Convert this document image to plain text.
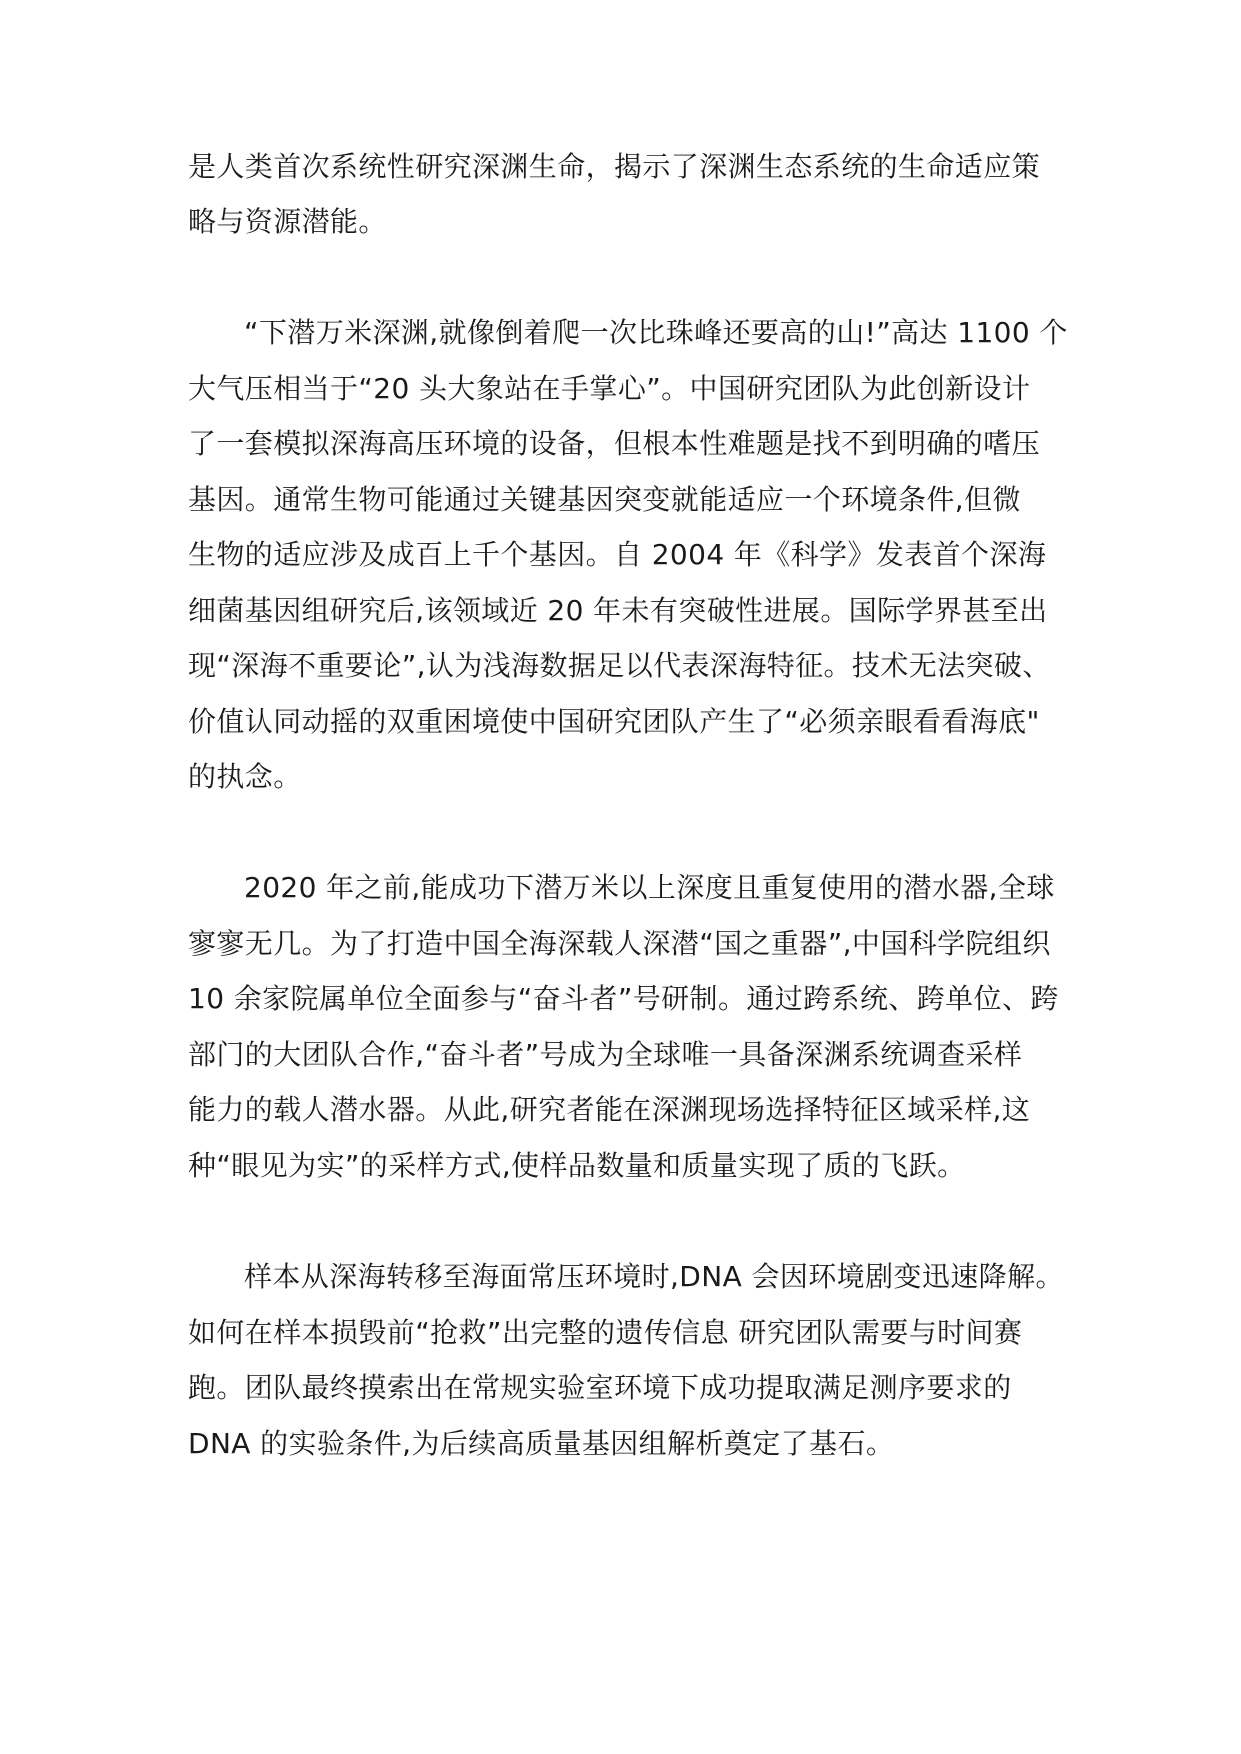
是人类首次系统性研究深渊生命，揭示了深渊生态系统的生命适应策
略与资源潜能。
“下潜万米深渊,就像倒着爬一次比珠峰还要高的山!”高达 1100 个
大气压相当于“20 头大象站在手掌心”。中国研究团队为此创新设计
了一套模拟深海高压环境的设备，但根本性难题是找不到明确的嗜压
基因。通常生物可能通过关键基因突变就能适应一个环境条件,但微
生物的适应涉及成百上千个基因。自 2004 年《科学》发表首个深海
细菌基因组研究后,该领域近 20 年未有突破性进展。国际学界甚至出
现“深海不重要论”,认为浅海数据足以代表深海特征。技术无法突破、
价值认同动摇的双重困境使中国研究团队产生了“必须亲眼看看海底"
的执念。
2020 年之前,能成功下潜万米以上深度且重复使用的潜水器,全球
寥寥无几。为了打造中国全海深载人深潜“国之重器”,中国科学院组织
10 余家院属单位全面参与“奋斗者”号研制。通过跨系统、跨单位、跨
部门的大团队合作,“奋斗者”号成为全球唯一具备深渊系统调查采样
能力的载人潜水器。从此,研究者能在深渊现场选择特征区域采样,这
种“眼见为实”的采样方式,使样品数量和质量实现了质的飞跃。
样本从深海转移至海面常压环境时,DNA 会因环境剧变迅速降解。
如何在样本损毁前“抢救”出完整的遗传信息 研究团队需要与时间赛
跑。团队最终摸索出在常规实验室环境下成功提取满足测序要求的
DNA 的实验条件,为后续高质量基因组解析奠定了基石。
